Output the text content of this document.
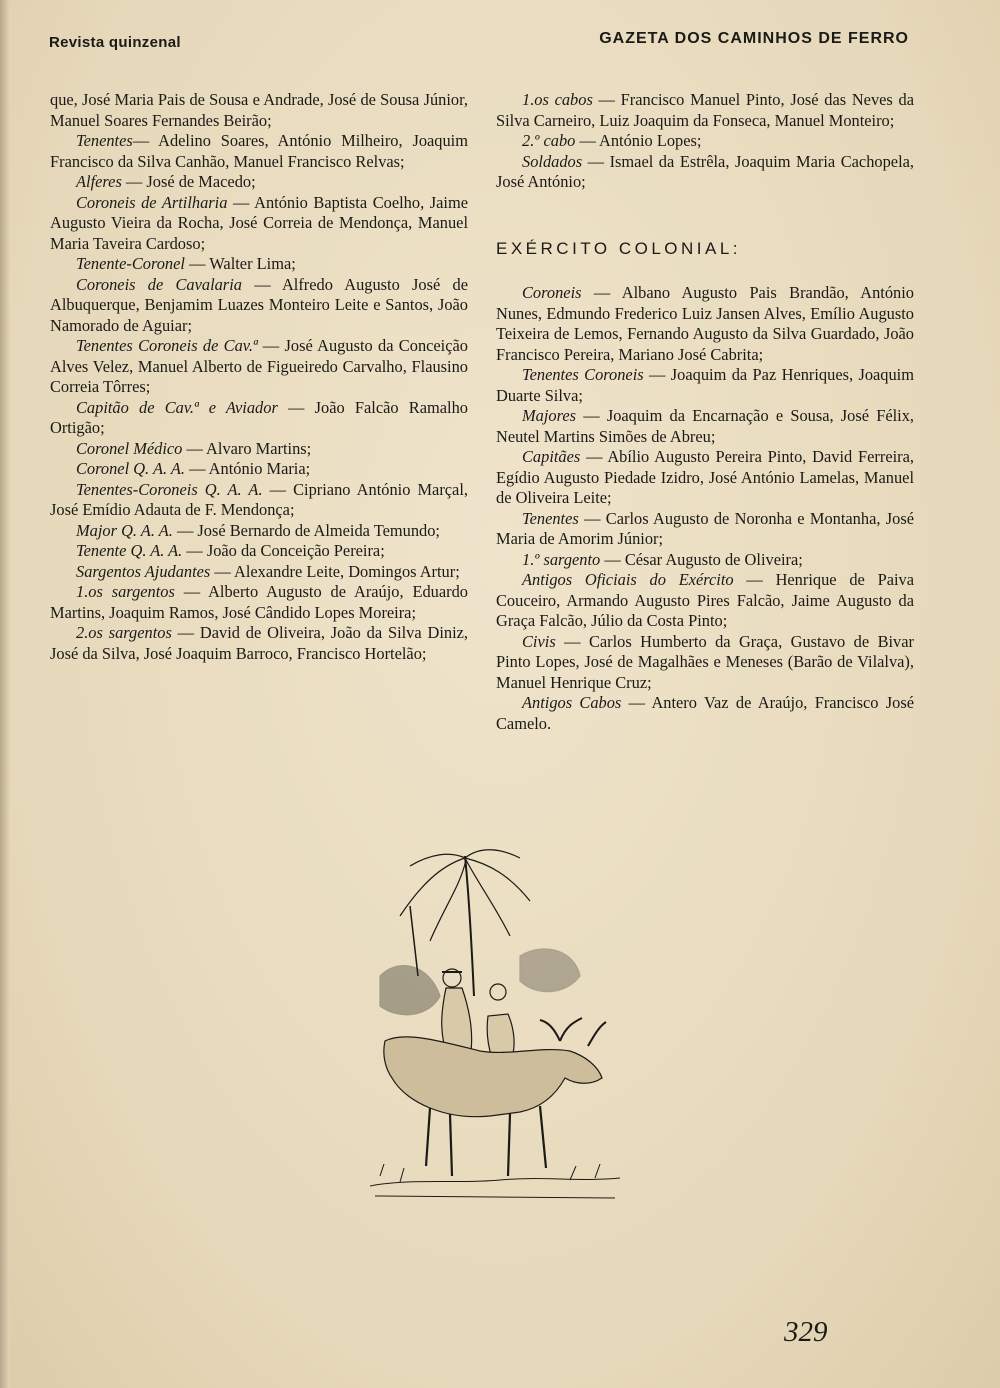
Revista quinzenal	GAZETA DOS CAMINHOS DE FERRO

que, José Maria Pais de Sousa e Andrade, José de Sousa Júnior, Manuel Soares Fernandes Beirão;

Tenentes— Adelino Soares, António Milheiro, Joaquim Francisco da Silva Canhão, Manuel Francisco Relvas;

Alferes — José de Macedo;

Coroneis de Artilharia — António Baptista Coelho, Jaime Augusto Vieira da Rocha, José Correia de Mendonça, Manuel Maria Taveira Cardoso;

Tenente-Coronel — Walter Lima;

Coroneis de Cavalaria — Alfredo Augusto José de Albuquerque, Benjamim Luazes Monteiro Leite e Santos, João Namorado de Aguiar;

Tenentes Coroneis de Cav.ª — José Augusto da Conceição Alves Velez, Manuel Alberto de Figueiredo Carvalho, Flausino Correia Tôrres;

Capitão de Cav.ª e Aviador — João Falcão Ramalho Ortigão;

Coronel Médico — Alvaro Martins;

Coronel Q. A. A. — António Maria;

Tenentes-Coroneis Q. A. A. — Cipriano António Marçal, José Emídio Adauta de F. Mendonça;

Major Q. A. A. — José Bernardo de Almeida Temundo;

Tenente Q. A. A. — João da Conceição Pereira;

Sargentos Ajudantes — Alexandre Leite, Domingos Artur;

1.os sargentos — Alberto Augusto de Araújo, Eduardo Martins, Joaquim Ramos, José Cândido Lopes Moreira;

2.os sargentos — David de Oliveira, João da Silva Diniz, José da Silva, José Joaquim Barroco, Francisco Hortelão;

1.os cabos — Francisco Manuel Pinto, José das Neves da Silva Carneiro, Luiz Joaquim da Fonseca, Manuel Monteiro;

2.º cabo — António Lopes;

Soldados — Ismael da Estrêla, Joaquim Maria Cachopela, José António;

EXÉRCITO COLONIAL:

Coroneis — Albano Augusto Pais Brandão, António Nunes, Edmundo Frederico Luiz Jansen Alves, Emílio Augusto Teixeira de Lemos, Fernando Augusto da Silva Guardado, João Francisco Pereira, Mariano José Cabrita;

Tenentes Coroneis — Joaquim da Paz Henriques, Joaquim Duarte Silva;

Majores — Joaquim da Encarnação e Sousa, José Félix, Neutel Martins Simões de Abreu;

Capitães — Abílio Augusto Pereira Pinto, David Ferreira, Egídio Augusto Piedade Izidro, José António Lamelas, Manuel de Oliveira Leite;

Tenentes — Carlos Augusto de Noronha e Montanha, José Maria de Amorim Júnior;

1.º sargento — César Augusto de Oliveira;

Antigos Oficiais do Exército — Henrique de Paiva Couceiro, Armando Augusto Pires Falcão, Jaime Augusto da Graça Falcão, Júlio da Costa Pinto;

Civis — Carlos Humberto da Graça, Gustavo de Bivar Pinto Lopes, José de Magalhães e Meneses (Barão de Vilalva), Manuel Henrique Cruz;

Antigos Cabos — Antero Vaz de Araújo, Francisco José Camelo.

329
